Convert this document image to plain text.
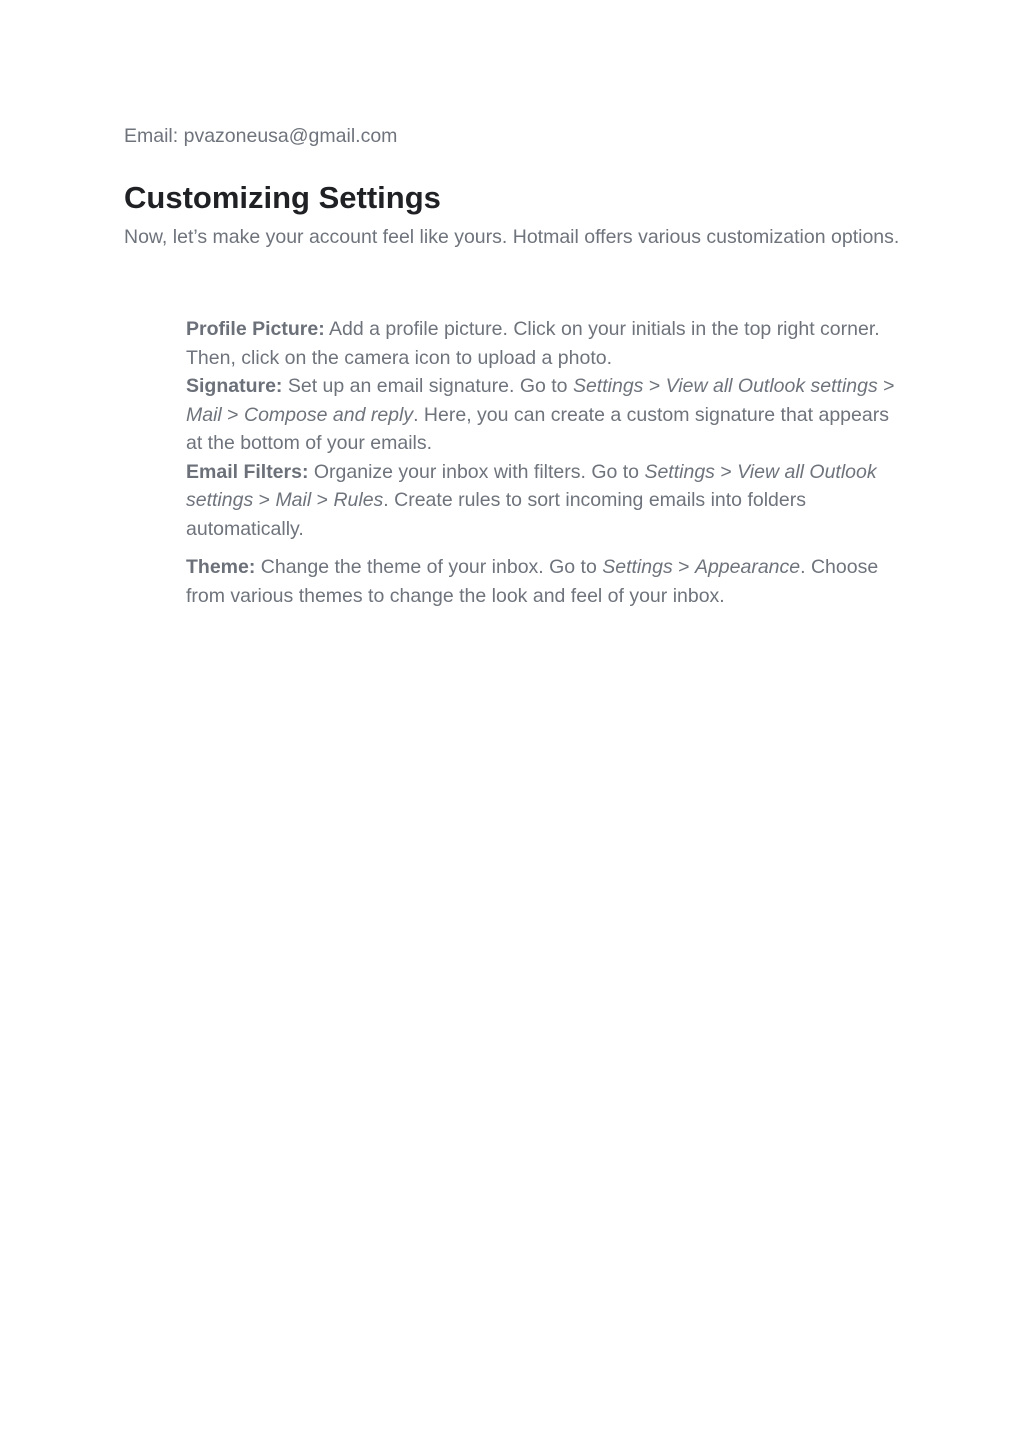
Email: pvazoneusa@gmail.com
Customizing Settings

Now, let’s make your account feel like yours. Hotmail offers various customization options.

Profile Picture: Add a profile picture. Click on your initials in the top right corner. Then, click on the camera icon to upload a photo.
Signature: Set up an email signature. Go to Settings > View all Outlook settings > Mail > Compose and reply. Here, you can create a custom signature that appears at the bottom of your emails.
Email Filters: Organize your inbox with filters. Go to Settings > View all Outlook settings > Mail > Rules. Create rules to sort incoming emails into folders automatically.
Theme: Change the theme of your inbox. Go to Settings > Appearance. Choose from various themes to change the look and feel of your inbox.
